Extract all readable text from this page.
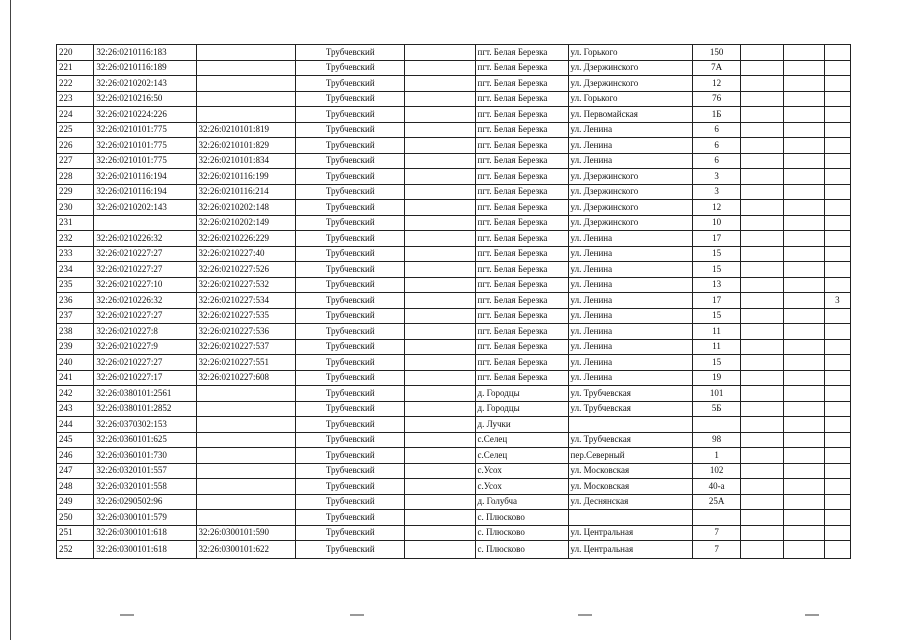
220	32:26:0210116:183		Трубчевский		пгт. Белая Березка	ул. Горького	150			
221	32:26:0210116:189		Трубчевский		пгт. Белая Березка	ул. Дзержинского	7А			
222	32:26:0210202:143		Трубчевский		пгт. Белая Березка	ул. Дзержинского	12			
223	32:26:0210216:50		Трубчевский		пгт. Белая Березка	ул. Горького	76			
224	32:26:0210224:226		Трубчевский		пгт. Белая Березка	ул. Первомайская	1Б			
225	32:26:0210101:775	32:26:0210101:819	Трубчевский		пгт. Белая Березка	ул. Ленина	6			
226	32:26:0210101:775	32:26:0210101:829	Трубчевский		пгт. Белая Березка	ул. Ленина	6			
227	32:26:0210101:775	32:26:0210101:834	Трубчевский		пгт. Белая Березка	ул. Ленина	6			
228	32:26:0210116:194	32:26:0210116:199	Трубчевский		пгт. Белая Березка	ул. Дзержинского	3			
229	32:26:0210116:194	32:26:0210116:214	Трубчевский		пгт. Белая Березка	ул. Дзержинского	3			
230	32:26:0210202:143	32:26:0210202:148	Трубчевский		пгт. Белая Березка	ул. Дзержинского	12			
231		32:26:0210202:149	Трубчевский		пгт. Белая Березка	ул. Дзержинского	10			
232	32:26:0210226:32	32:26:0210226:229	Трубчевский		пгт. Белая Березка	ул. Ленина	17			
233	32:26:0210227:27	32:26:0210227:40	Трубчевский		пгт. Белая Березка	ул. Ленина	15			
234	32:26:0210227:27	32:26:0210227:526	Трубчевский		пгт. Белая Березка	ул. Ленина	15			
235	32:26:0210227:10	32:26:0210227:532	Трубчевский		пгт. Белая Березка	ул. Ленина	13			
236	32:26:0210226:32	32:26:0210227:534	Трубчевский		пгт. Белая Березка	ул. Ленина	17			3
237	32:26:0210227:27	32:26:0210227:535	Трубчевский		пгт. Белая Березка	ул. Ленина	15			
238	32:26:0210227:8	32:26:0210227:536	Трубчевский		пгт. Белая Березка	ул. Ленина	11			
239	32:26:0210227:9	32:26:0210227:537	Трубчевский		пгт. Белая Березка	ул. Ленина	11			
240	32:26:0210227:27	32:26:0210227:551	Трубчевский		пгт. Белая Березка	ул. Ленина	15			
241	32:26:0210227:17	32:26:0210227:608	Трубчевский		пгт. Белая Березка	ул. Ленина	19			
242	32:26:0380101:2561		Трубчевский		д. Городцы	ул. Трубчевская	101			
243	32:26:0380101:2852		Трубчевский		д. Городцы	ул. Трубчевская	5Б			
244	32:26:0370302:153		Трубчевский		д. Лучки					
245	32:26:0360101:625		Трубчевский		с.Селец	ул. Трубчевская	98			
246	32:26:0360101:730		Трубчевский		с.Селец	пер.Северный	1			
247	32:26:0320101:557		Трубчевский		с.Усох	ул. Московская	102			
248	32:26:0320101:558		Трубчевский		с.Усох	ул. Московская	40-а			
249	32:26:0290502:96		Трубчевский		д. Голубча	ул. Деснянская	25А			
250	32:26:0300101:579		Трубчевский		с. Плюсково					
251	32:26:0300101:618	32:26:0300101:590	Трубчевский		с. Плюсково	ул. Центральная	7			
252	32:26:0300101:618	32:26:0300101:622	Трубчевский		с. Плюсково	ул. Центральная	7			
